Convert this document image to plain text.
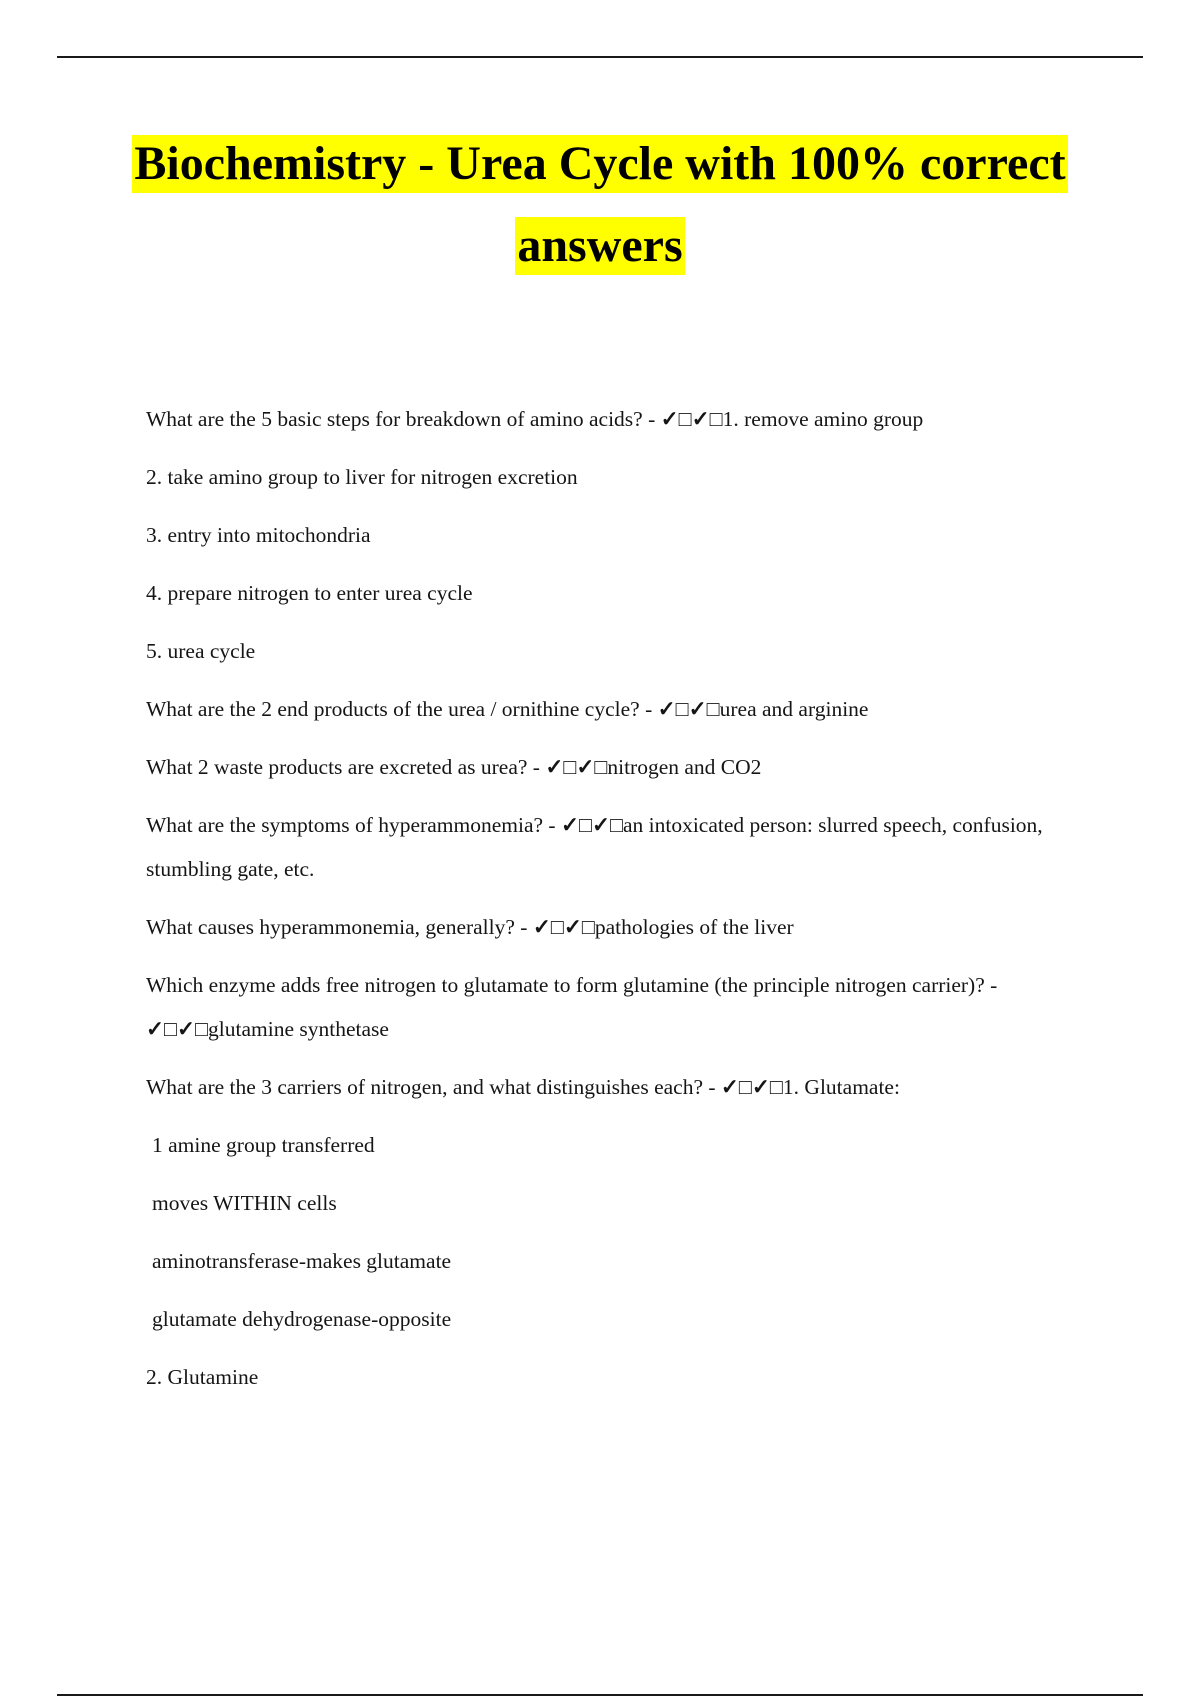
Biochemistry - Urea Cycle with 100% correct
answers

What are the 5 basic steps for breakdown of amino acids? - ✓□✓□1. remove amino group

2. take amino group to liver for nitrogen excretion

3. entry into mitochondria

4. prepare nitrogen to enter urea cycle

5. urea cycle

What are the 2 end products of the urea / ornithine cycle? - ✓□✓□urea and arginine

What 2 waste products are excreted as urea? - ✓□✓□nitrogen and CO2

What are the symptoms of hyperammonemia? - ✓□✓□an intoxicated person: slurred speech, confusion, stumbling gate, etc.

What causes hyperammonemia, generally? - ✓□✓□pathologies of the liver

Which enzyme adds free nitrogen to glutamate to form glutamine (the principle nitrogen carrier)? - ✓□✓□glutamine synthetase

What are the 3 carriers of nitrogen, and what distinguishes each? - ✓□✓□1. Glutamate:

1 amine group transferred

moves WITHIN cells

aminotransferase-makes glutamate

glutamate dehydrogenase-opposite

2. Glutamine
